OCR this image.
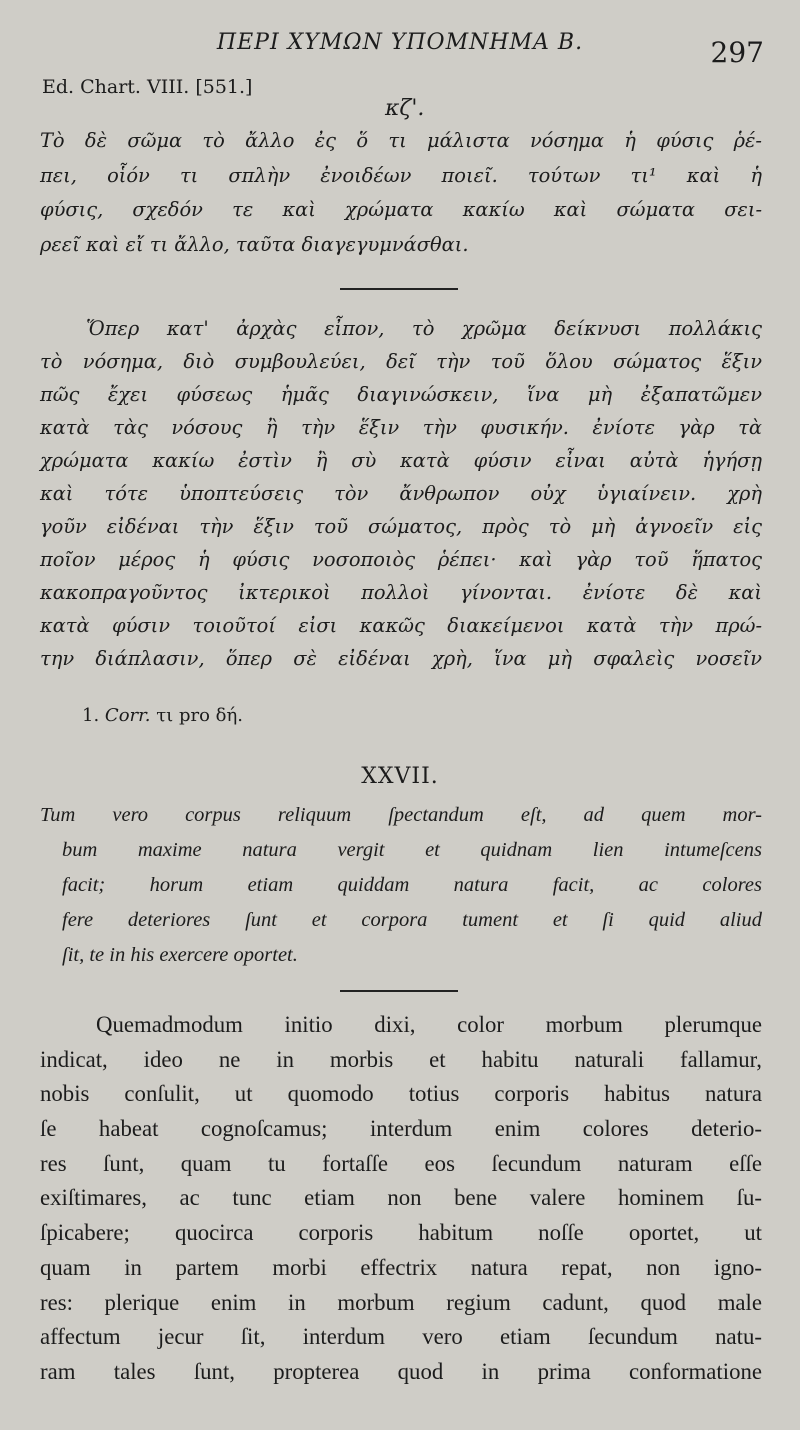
ΠΕΡΙ ΧΥΜΩΝ ΥΠΟΜΝΗΜΑ Β.	297
Ed. Chart. VIII. [551.]
κζ'.
Τὸ δὲ σῶμα τὸ ἄλλο ἐς ὅ τι μάλιστα νόσημα ἡ φύσις ῥέ-
πει, οἷόν τι σπλὴν ἐνοιδέων ποιεῖ. τούτων τι¹ καὶ ἡ
φύσις, σχεδόν τε καὶ χρώματα κακίω καὶ σώματα σει-
ρεεῖ καὶ εἴ τι ἄλλο, ταῦτα διαγεγυμνάσθαι.
Ὅπερ κατ' ἀρχὰς εἶπον, τὸ χρῶμα δείκνυσι πολλάκις
τὸ νόσημα, διὸ συμβουλεύει, δεῖ τὴν τοῦ ὅλου σώματος ἕξιν
πῶς ἔχει φύσεως ἡμᾶς διαγινώσκειν, ἵνα μὴ ἐξαπατῶμεν
κατὰ τὰς νόσους ἢ τὴν ἕξιν τὴν φυσικήν. ἐνίοτε γὰρ τὰ
χρώματα κακίω ἐστὶν ἢ σὺ κατὰ φύσιν εἶναι αὐτὰ ἡγήσῃ
καὶ τότε ὑποπτεύσεις τὸν ἄνθρωπον οὐχ ὑγιαίνειν. χρὴ
γοῦν εἰδέναι τὴν ἕξιν τοῦ σώματος, πρὸς τὸ μὴ ἀγνοεῖν εἰς
ποῖον μέρος ἡ φύσις νοσοποιὸς ῥέπει· καὶ γὰρ τοῦ ἥπατος
κακοπραγοῦντος ἰκτερικοὶ πολλοὶ γίνονται. ἐνίοτε δὲ καὶ
κατὰ φύσιν τοιοῦτοί εἰσι κακῶς διακείμενοι κατὰ τὴν πρώ-
την διάπλασιν, ὅπερ σὲ εἰδέναι χρὴ, ἵνα μὴ σφαλεὶς νοσεῖν
1. Corr. τι pro δή.
XXVII.
Tum vero corpus reliquum ſpectandum eſt, ad quem mor-
bum maxime natura vergit et quidnam lien intumeſcens
facit; horum etiam quiddam natura facit, ac colores
fere deteriores ſunt et corpora tument et ſi quid aliud
ſit, te in his exercere oportet.
Quemadmodum initio dixi, color morbum plerumque
indicat, ideo ne in morbis et habitu naturali fallamur,
nobis conſulit, ut quomodo totius corporis habitus natura
ſe habeat cognoſcamus; interdum enim colores deterio-
res ſunt, quam tu fortaſſe eos ſecundum naturam eſſe
exiſtimares, ac tunc etiam non bene valere hominem ſu-
ſpicabere; quocirca corporis habitum noſſe oportet, ut
quam in partem morbi effectrix natura repat, non igno-
res: plerique enim in morbum regium cadunt, quod male
affectum jecur ſit, interdum vero etiam ſecundum natu-
ram tales ſunt, propterea quod in prima conformatione
